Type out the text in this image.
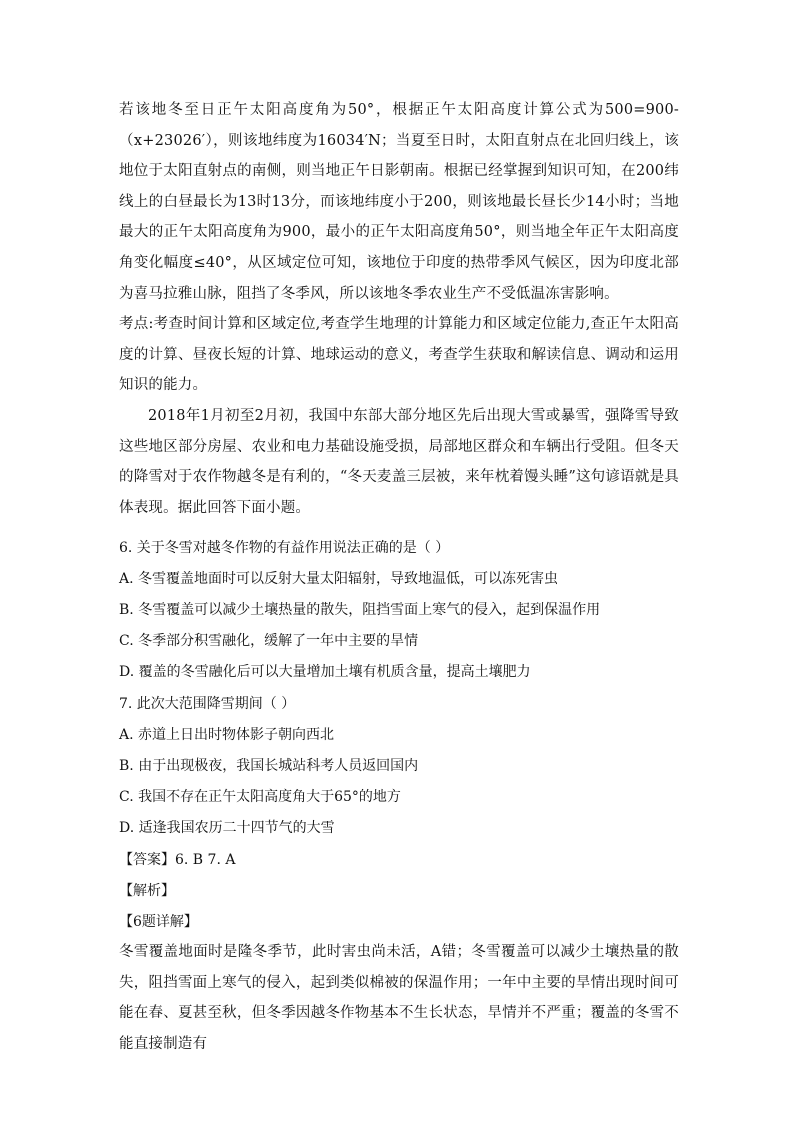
若该地冬至日正午太阳高度角为50°，根据正午太阳高度计算公式为500=900-（x+23026′），则该地纬度为16034′N；当夏至日时，太阳直射点在北回归线上，该地位于太阳直射点的南侧，则当地正午日影朝南。根据已经掌握到知识可知，在200纬线上的白昼最长为13时13分，而该地纬度小于200，则该地最长昼长少14小时；当地最大的正午太阳高度角为900，最小的正午太阳高度角50°，则当地全年正午太阳高度角变化幅度≤40°，从区域定位可知，该地位于印度的热带季风气候区，因为印度北部为喜马拉雅山脉，阻挡了冬季风，所以该地冬季农业生产不受低温冻害影响。

考点:考查时间计算和区域定位,考查学生地理的计算能力和区域定位能力,查正午太阳高度的计算、昼夜长短的计算、地球运动的意义，考查学生获取和解读信息、调动和运用知识的能力。

2018年1月初至2月初，我国中东部大部分地区先后出现大雪或暴雪，强降雪导致这些地区部分房屋、农业和电力基础设施受损，局部地区群众和车辆出行受阻。但冬天的降雪对于农作物越冬是有利的，“冬天麦盖三层被，来年枕着馒头睡”这句谚语就是具体表现。据此回答下面小题。

6. 关于冬雪对越冬作物的有益作用说法正确的是（ ）
A. 冬雪覆盖地面时可以反射大量太阳辐射，导致地温低，可以冻死害虫
B. 冬雪覆盖可以减少土壤热量的散失，阻挡雪面上寒气的侵入，起到保温作用
C. 冬季部分积雪融化，缓解了一年中主要的旱情
D. 覆盖的冬雪融化后可以大量增加土壤有机质含量，提高土壤肥力
7. 此次大范围降雪期间（ ）
A. 赤道上日出时物体影子朝向西北
B. 由于出现极夜，我国长城站科考人员返回国内
C. 我国不存在正午太阳高度角大于65°的地方
D. 适逢我国农历二十四节气的大雪
【答案】6. B 7. A
【解析】
【6题详解】

冬雪覆盖地面时是隆冬季节，此时害虫尚未活，A错；冬雪覆盖可以减少土壤热量的散失，阻挡雪面上寒气的侵入，起到类似棉被的保温作用；一年中主要的旱情出现时间可能在春、夏甚至秋，但冬季因越冬作物基本不生长状态，旱情并不严重；覆盖的冬雪不能直接制造有
